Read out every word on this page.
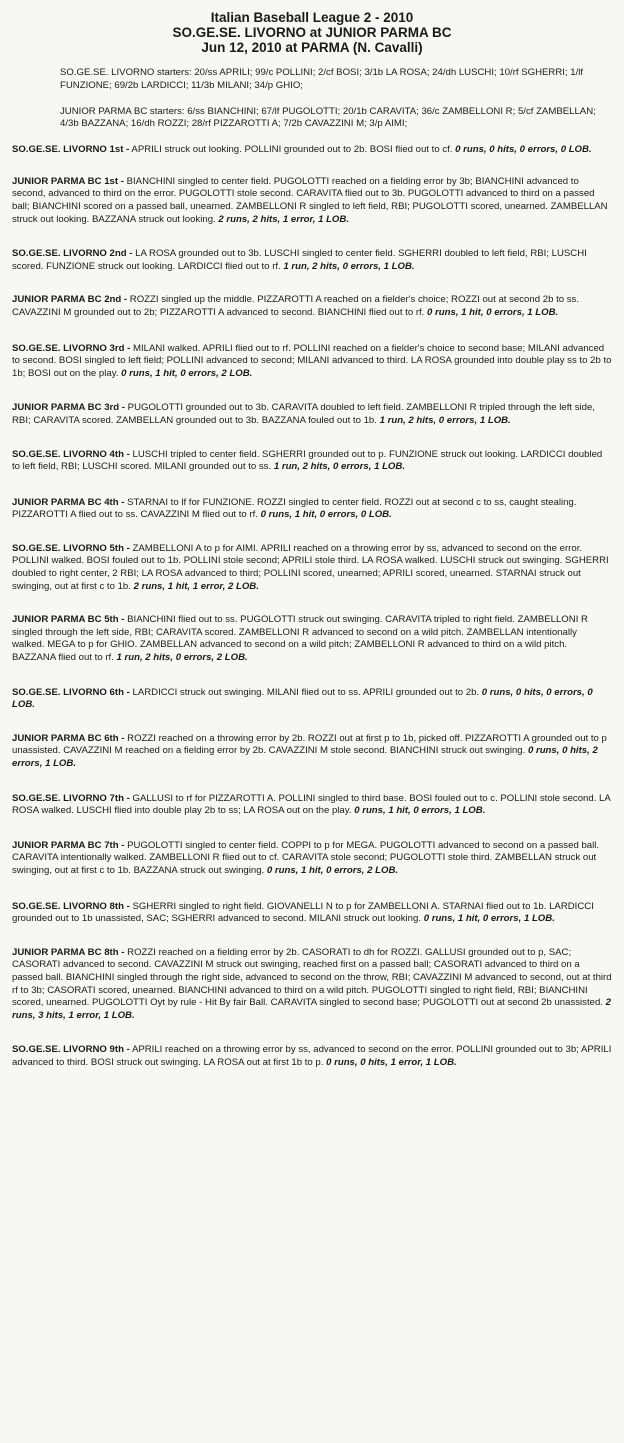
Italian Baseball League 2 - 2010
SO.GE.SE. LIVORNO at JUNIOR PARMA BC
Jun 12, 2010 at PARMA (N. Cavalli)

SO.GE.SE. LIVORNO starters: 20/ss APRILI; 99/c POLLINI; 2/cf BOSI; 3/1b LA ROSA; 24/dh LUSCHI; 10/rf SGHERRI; 1/lf FUNZIONE; 69/2b LARDICCI; 11/3b MILANI; 34/p GHIO;

JUNIOR PARMA BC starters: 6/ss BIANCHINI; 67/lf PUGOLOTTI; 20/1b CARAVITA; 36/c ZAMBELLONI R; 5/cf ZAMBELLAN; 4/3b BAZZANA; 16/dh ROZZI; 28/rf PIZZAROTTI A; 7/2b CAVAZZINI M; 3/p AIMI;

SO.GE.SE. LIVORNO 1st - APRILI struck out looking. POLLINI grounded out to 2b. BOSI flied out to cf. 0 runs, 0 hits, 0 errors, 0 LOB.

JUNIOR PARMA BC 1st - BIANCHINI singled to center field. PUGOLOTTI reached on a fielding error by 3b; BIANCHINI advanced to second, advanced to third on the error. PUGOLOTTI stole second. CARAVITA flied out to 3b. PUGOLOTTI advanced to third on a passed ball; BIANCHINI scored on a passed ball, unearned. ZAMBELLONI R singled to left field, RBI; PUGOLOTTI scored, unearned. ZAMBELLAN struck out looking. BAZZANA struck out looking. 2 runs, 2 hits, 1 error, 1 LOB.

SO.GE.SE. LIVORNO 2nd - LA ROSA grounded out to 3b. LUSCHI singled to center field. SGHERRI doubled to left field, RBI; LUSCHI scored. FUNZIONE struck out looking. LARDICCI flied out to rf. 1 run, 2 hits, 0 errors, 1 LOB.

JUNIOR PARMA BC 2nd - ROZZI singled up the middle. PIZZAROTTI A reached on a fielder's choice; ROZZI out at second 2b to ss. CAVAZZINI M grounded out to 2b; PIZZAROTTI A advanced to second. BIANCHINI flied out to rf. 0 runs, 1 hit, 0 errors, 1 LOB.

SO.GE.SE. LIVORNO 3rd - MILANI walked. APRILI flied out to rf. POLLINI reached on a fielder's choice to second base; MILANI advanced to second. BOSI singled to left field; POLLINI advanced to second; MILANI advanced to third. LA ROSA grounded into double play ss to 2b to 1b; BOSI out on the play. 0 runs, 1 hit, 0 errors, 2 LOB.

JUNIOR PARMA BC 3rd - PUGOLOTTI grounded out to 3b. CARAVITA doubled to left field. ZAMBELLONI R tripled through the left side, RBI; CARAVITA scored. ZAMBELLAN grounded out to 3b. BAZZANA fouled out to 1b. 1 run, 2 hits, 0 errors, 1 LOB.

SO.GE.SE. LIVORNO 4th - LUSCHI tripled to center field. SGHERRI grounded out to p. FUNZIONE struck out looking. LARDICCI doubled to left field, RBI; LUSCHI scored. MILANI grounded out to ss. 1 run, 2 hits, 0 errors, 1 LOB.

JUNIOR PARMA BC 4th - STARNAI to lf for FUNZIONE. ROZZI singled to center field. ROZZI out at second c to ss, caught stealing. PIZZAROTTI A flied out to ss. CAVAZZINI M flied out to rf. 0 runs, 1 hit, 0 errors, 0 LOB.

SO.GE.SE. LIVORNO 5th - ZAMBELLONI A to p for AIMI. APRILI reached on a throwing error by ss, advanced to second on the error. POLLINI walked. BOSI fouled out to 1b. POLLINI stole second; APRILI stole third. LA ROSA walked. LUSCHI struck out swinging. SGHERRI doubled to right center, 2 RBI; LA ROSA advanced to third; POLLINI scored, unearned; APRILI scored, unearned. STARNAI struck out swinging, out at first c to 1b. 2 runs, 1 hit, 1 error, 2 LOB.

JUNIOR PARMA BC 5th - BIANCHINI flied out to ss. PUGOLOTTI struck out swinging. CARAVITA tripled to right field. ZAMBELLONI R singled through the left side, RBI; CARAVITA scored. ZAMBELLONI R advanced to second on a wild pitch. ZAMBELLAN intentionally walked. MEGA to p for GHIO. ZAMBELLAN advanced to second on a wild pitch; ZAMBELLONI R advanced to third on a wild pitch. BAZZANA flied out to rf. 1 run, 2 hits, 0 errors, 2 LOB.

SO.GE.SE. LIVORNO 6th - LARDICCI struck out swinging. MILANI flied out to ss. APRILI grounded out to 2b. 0 runs, 0 hits, 0 errors, 0 LOB.

JUNIOR PARMA BC 6th - ROZZI reached on a throwing error by 2b. ROZZI out at first p to 1b, picked off. PIZZAROTTI A grounded out to p unassisted. CAVAZZINI M reached on a fielding error by 2b. CAVAZZINI M stole second. BIANCHINI struck out swinging. 0 runs, 0 hits, 2 errors, 1 LOB.

SO.GE.SE. LIVORNO 7th - GALLUSI to rf for PIZZAROTTI A. POLLINI singled to third base. BOSI fouled out to c. POLLINI stole second. LA ROSA walked. LUSCHI flied into double play 2b to ss; LA ROSA out on the play. 0 runs, 1 hit, 0 errors, 1 LOB.

JUNIOR PARMA BC 7th - PUGOLOTTI singled to center field. COPPI to p for MEGA. PUGOLOTTI advanced to second on a passed ball. CARAVITA intentionally walked. ZAMBELLONI R flied out to cf. CARAVITA stole second; PUGOLOTTI stole third. ZAMBELLAN struck out swinging, out at first c to 1b. BAZZANA struck out swinging. 0 runs, 1 hit, 0 errors, 2 LOB.

SO.GE.SE. LIVORNO 8th - SGHERRI singled to right field. GIOVANELLI N to p for ZAMBELLONI A. STARNAI flied out to 1b. LARDICCI grounded out to 1b unassisted, SAC; SGHERRI advanced to second. MILANI struck out looking. 0 runs, 1 hit, 0 errors, 1 LOB.

JUNIOR PARMA BC 8th - ROZZI reached on a fielding error by 2b. CASORATI to dh for ROZZI. GALLUSI grounded out to p, SAC; CASORATI advanced to second. CAVAZZINI M struck out swinging, reached first on a passed ball; CASORATI advanced to third on a passed ball. BIANCHINI singled through the right side, advanced to second on the throw, RBI; CAVAZZINI M advanced to second, out at third rf to 3b; CASORATI scored, unearned. BIANCHINI advanced to third on a wild pitch. PUGOLOTTI singled to right field, RBI; BIANCHINI scored, unearned. PUGOLOTTI Oyt by rule - Hit By fair Ball. CARAVITA singled to second base; PUGOLOTTI out at second 2b unassisted. 2 runs, 3 hits, 1 error, 1 LOB.

SO.GE.SE. LIVORNO 9th - APRILI reached on a throwing error by ss, advanced to second on the error. POLLINI grounded out to 3b; APRILI advanced to third. BOSI struck out swinging. LA ROSA out at first 1b to p. 0 runs, 0 hits, 1 error, 1 LOB.
